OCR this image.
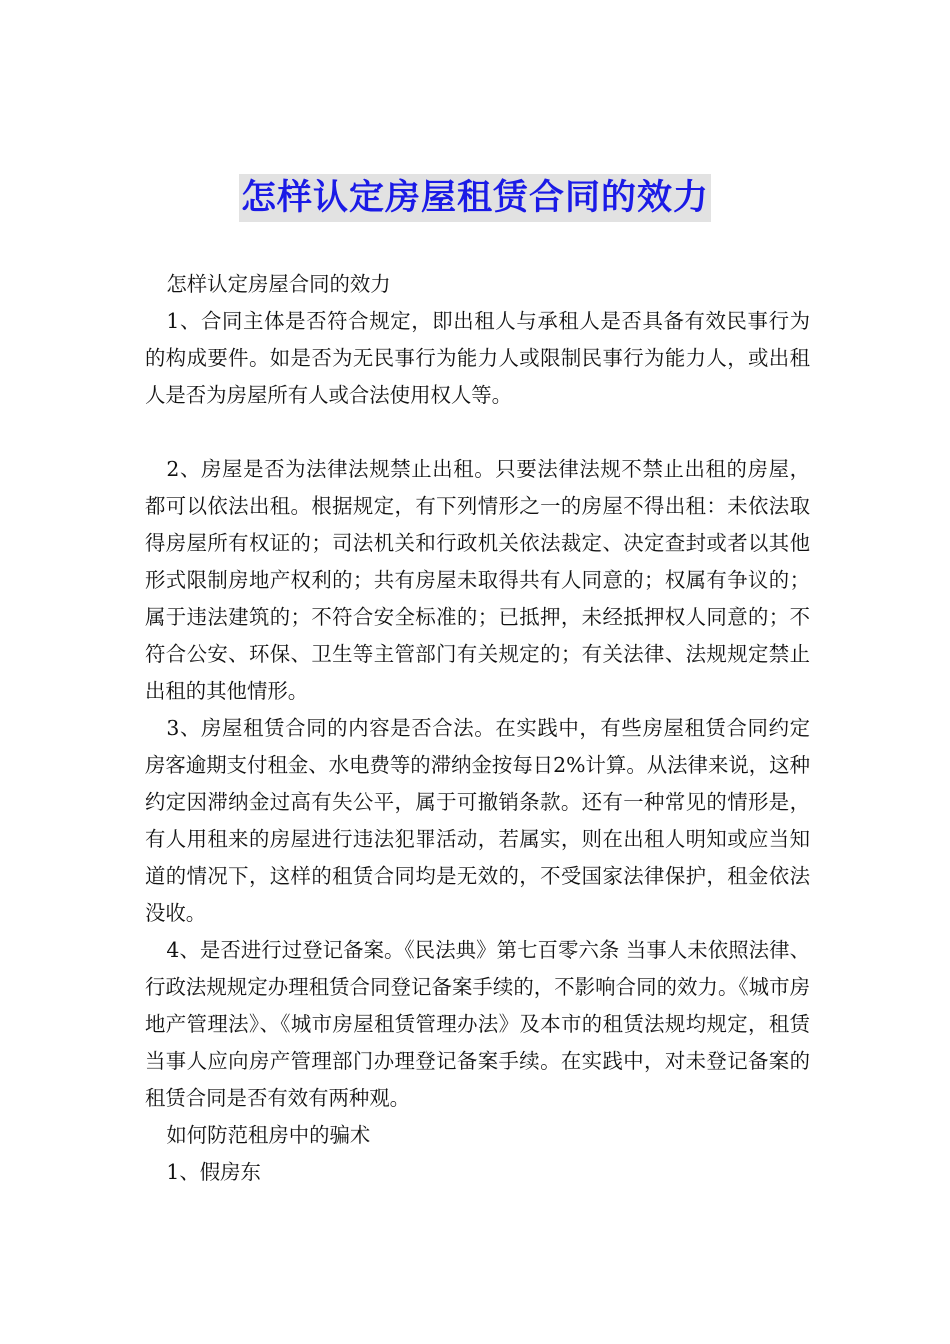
怎样认定房屋租赁合同的效力

怎样认定房屋合同的效力

1、合同主体是否符合规定，即出租人与承租人是否具备有效民事行为的构成要件。如是否为无民事行为能力人或限制民事行为能力人，或出租人是否为房屋所有人或合法使用权人等。

2、房屋是否为法律法规禁止出租。只要法律法规不禁止出租的房屋，都可以依法出租。根据规定，有下列情形之一的房屋不得出租：未依法取得房屋所有权证的；司法机关和行政机关依法裁定、决定查封或者以其他形式限制房地产权利的；共有房屋未取得共有人同意的；权属有争议的；属于违法建筑的；不符合安全标准的；已抵押，未经抵押权人同意的；不符合公安、环保、卫生等主管部门有关规定的；有关法律、法规规定禁止出租的其他情形。

3、房屋租赁合同的内容是否合法。在实践中，有些房屋租赁合同约定房客逾期支付租金、水电费等的滞纳金按每日2%计算。从法律来说，这种约定因滞纳金过高有失公平，属于可撤销条款。还有一种常见的情形是，有人用租来的房屋进行违法犯罪活动，若属实，则在出租人明知或应当知道的情况下，这样的租赁合同均是无效的，不受国家法律保护，租金依法没收。

4、是否进行过登记备案。《民法典》第七百零六条 当事人未依照法律、行政法规规定办理租赁合同登记备案手续的，不影响合同的效力。《城市房地产管理法》、《城市房屋租赁管理办法》及本市的租赁法规均规定，租赁当事人应向房产管理部门办理登记备案手续。在实践中，对未登记备案的租赁合同是否有效有两种观。

如何防范租房中的骗术

1、假房东
